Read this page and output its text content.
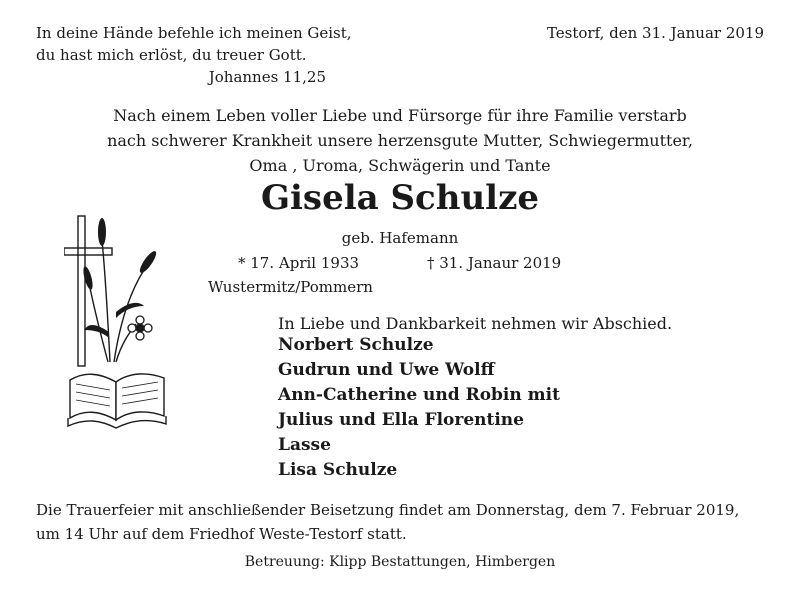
In deine Hände befehle ich meinen Geist,
du hast mich erlöst, du treuer Gott.
Johannes 11,25
Testorf, den 31. Januar 2019
Nach einem Leben voller Liebe und Fürsorge für ihre Familie verstarb
nach schwerer Krankheit unsere herzensgute Mutter, Schwiegermutter,
Oma , Uroma, Schwägerin und Tante
Gisela Schulze
geb. Hafemann
* 17. April 1933	† 31. Janaur 2019
Wustermitz/Pommern
In Liebe und Dankbarkeit nehmen wir Abschied.
Norbert Schulze
Gudrun und Uwe Wolff
Ann-Catherine und Robin mit
Julius und Ella Florentine
Lasse
Lisa Schulze
Die Trauerfeier mit anschließender Beisetzung findet am Donnerstag, dem 7. Februar 2019,
um 14 Uhr auf dem Friedhof Weste-Testorf statt.
Betreuung: Klipp Bestattungen, Himbergen
